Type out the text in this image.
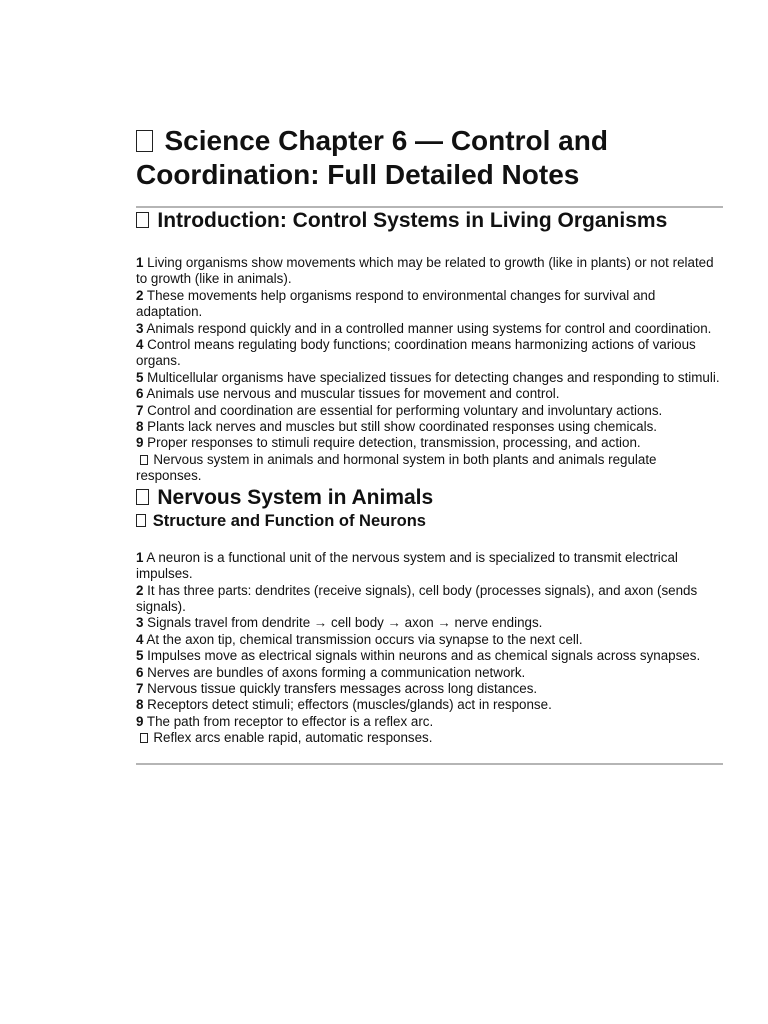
Science Chapter 6 — Control and Coordination: Full Detailed Notes
Introduction: Control Systems in Living Organisms
1 Living organisms show movements which may be related to growth (like in plants) or not related to growth (like in animals).
2 These movements help organisms respond to environmental changes for survival and adaptation.
3 Animals respond quickly and in a controlled manner using systems for control and coordination.
4 Control means regulating body functions; coordination means harmonizing actions of various organs.
5 Multicellular organisms have specialized tissues for detecting changes and responding to stimuli.
6 Animals use nervous and muscular tissues for movement and control.
7 Control and coordination are essential for performing voluntary and involuntary actions.
8 Plants lack nerves and muscles but still show coordinated responses using chemicals.
9 Proper responses to stimuli require detection, transmission, processing, and action.
Nervous system in animals and hormonal system in both plants and animals regulate responses.
Nervous System in Animals
Structure and Function of Neurons
1 A neuron is a functional unit of the nervous system and is specialized to transmit electrical impulses.
2 It has three parts: dendrites (receive signals), cell body (processes signals), and axon (sends signals).
3 Signals travel from dendrite → cell body → axon → nerve endings.
4 At the axon tip, chemical transmission occurs via synapse to the next cell.
5 Impulses move as electrical signals within neurons and as chemical signals across synapses.
6 Nerves are bundles of axons forming a communication network.
7 Nervous tissue quickly transfers messages across long distances.
8 Receptors detect stimuli; effectors (muscles/glands) act in response.
9 The path from receptor to effector is a reflex arc.
Reflex arcs enable rapid, automatic responses.
